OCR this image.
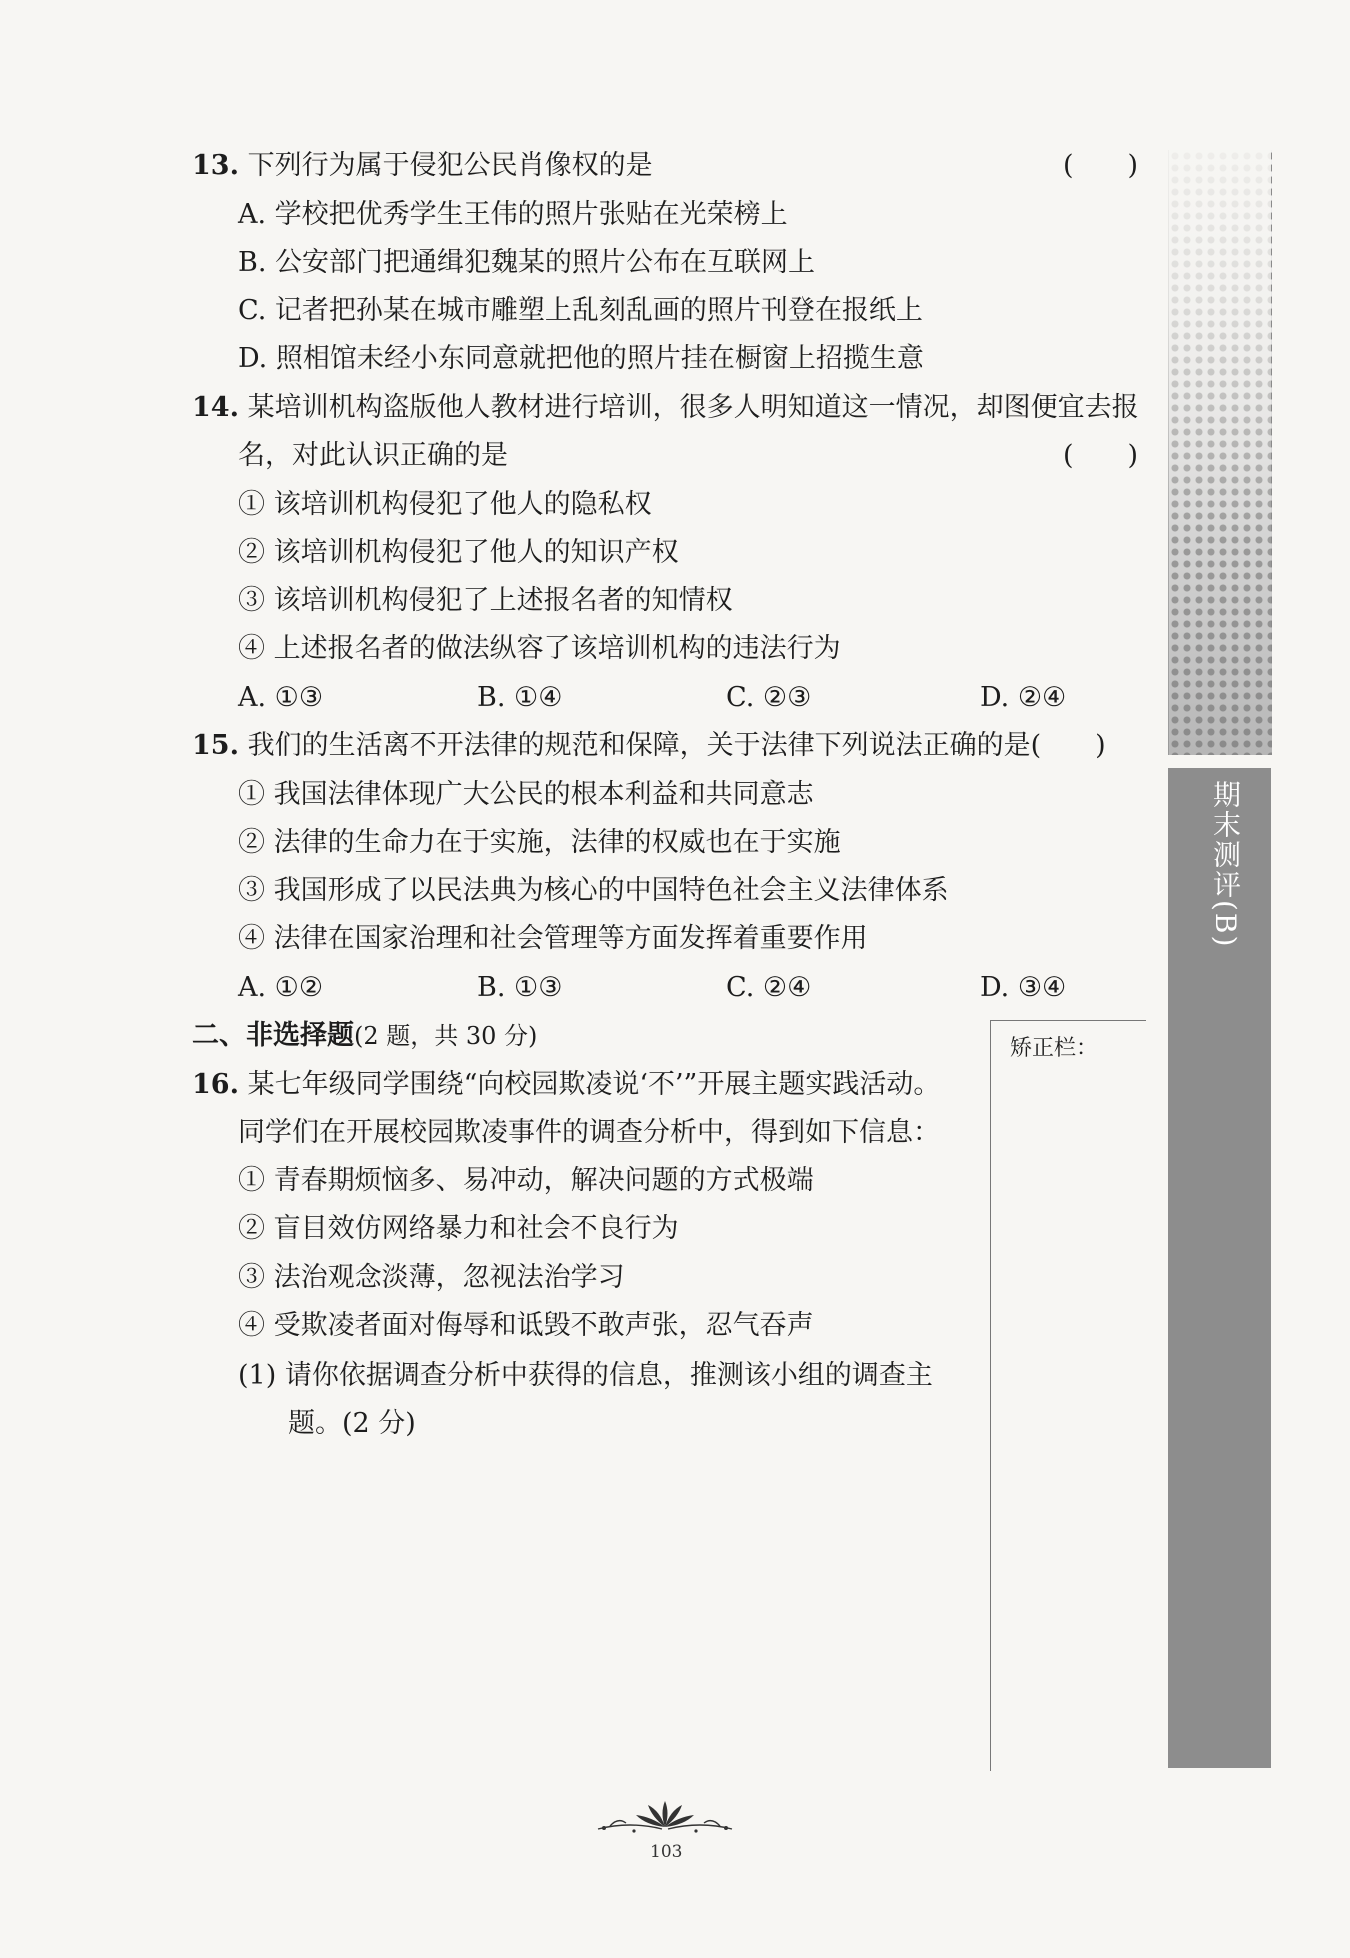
13. 下列行为属于侵犯公民肖像权的是	(　　)
A. 学校把优秀学生王伟的照片张贴在光荣榜上
B. 公安部门把通缉犯魏某的照片公布在互联网上
C. 记者把孙某在城市雕塑上乱刻乱画的照片刊登在报纸上
D. 照相馆未经小东同意就把他的照片挂在橱窗上招揽生意
14. 某培训机构盗版他人教材进行培训，很多人明知道这一情况，却图便宜去报
名，对此认识正确的是	(　　)
① 该培训机构侵犯了他人的隐私权
② 该培训机构侵犯了他人的知识产权
③ 该培训机构侵犯了上述报名者的知情权
④ 上述报名者的做法纵容了该培训机构的违法行为
A. ①③	B. ①④	C. ②③	D. ②④
15. 我们的生活离不开法律的规范和保障，关于法律下列说法正确的是(　　)
① 我国法律体现广大公民的根本利益和共同意志
② 法律的生命力在于实施，法律的权威也在于实施
③ 我国形成了以民法典为核心的中国特色社会主义法律体系
④ 法律在国家治理和社会管理等方面发挥着重要作用
A. ①②	B. ①③	C. ②④	D. ③④
二、非选择题(2 题，共 30 分)
16. 某七年级同学围绕“向校园欺凌说‘不’”开展主题实践活动。
同学们在开展校园欺凌事件的调查分析中，得到如下信息：
① 青春期烦恼多、易冲动，解决问题的方式极端
② 盲目效仿网络暴力和社会不良行为
③ 法治观念淡薄，忽视法治学习
④ 受欺凌者面对侮辱和诋毁不敢声张，忍气吞声
(1) 请你依据调查分析中获得的信息，推测该小组的调查主
题。(2 分)
矫正栏：
期末测评(B)
103
